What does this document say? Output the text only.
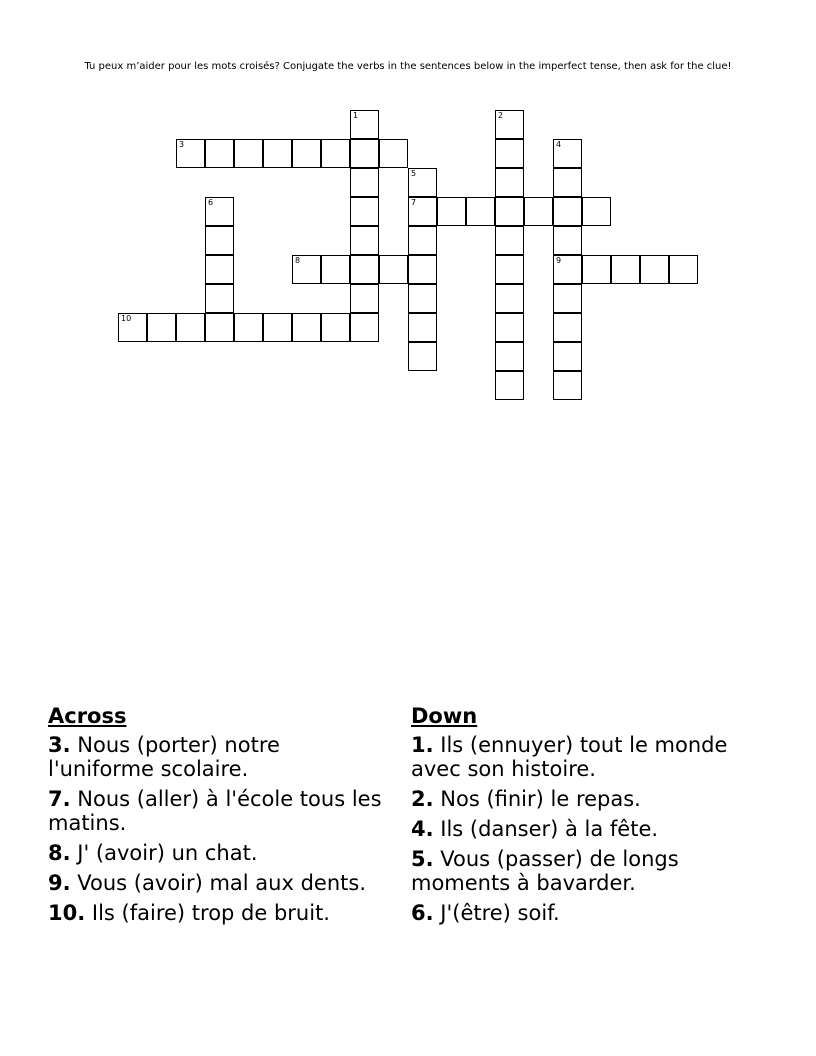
Tu peux m’aider pour les mots croisés? Conjugate the verbs in the sentences below in the imperfect tense, then ask for the clue!
1	2
3	4
9
5
7
6
8
10
Across
3. Nous (porter) notre l'uniforme scolaire.
7. Nous (aller) à l'école tous les matins.
8. J' (avoir) un chat.
9. Vous (avoir) mal aux dents.
10. Ils (faire) trop de bruit.
Down
1. Ils (ennuyer) tout le monde avec son histoire.
2. Nos (finir) le repas.
4. Ils (danser) à la fête.
5. Vous (passer) de longs moments à bavarder.
6. J'(être) soif.
